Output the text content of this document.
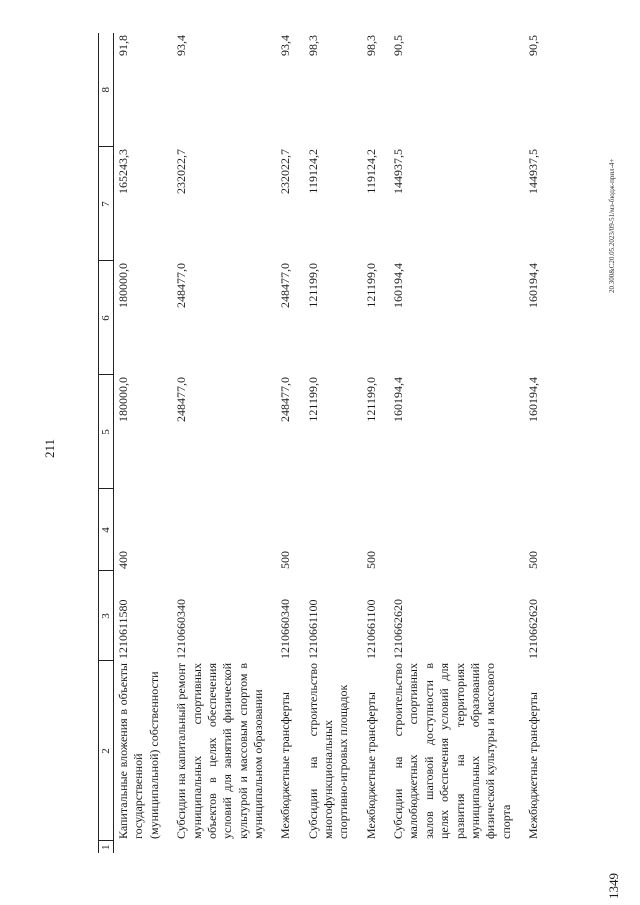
211
1349
20.300&С20.05.2023/09-51/мэ-бюдж-прил-4+
1	2	3	4	5	6	7	8
	Капитальные вложения в объекты государственной (муниципальной) собственности	1210611580	400	180000,0	180000,0	165243,3	91,8
	Субсидии на капитальный ремонт муниципальных спортивных объектов в целях обеспечения условий для занятий физической культурой и массовым спортом в муниципальном образовании	1210660340		248477,0	248477,0	232022,7	93,4
	Межбюджетные трансферты	1210660340	500	248477,0	248477,0	232022,7	93,4
	Субсидии на строительство многофункциональных спортивно-игровых площадок	1210661100		121199,0	121199,0	119124,2	98,3
	Межбюджетные трансферты	1210661100	500	121199,0	121199,0	119124,2	98,3
	Субсидии на строительство малобюджетных спортивных залов шаговой доступности в целях обеспечения условий для развития на территориях муниципальных образований физической культуры и массового спорта	1210662620		160194,4	160194,4	144937,5	90,5
	Межбюджетные трансферты	1210662620	500	160194,4	160194,4	144937,5	90,5
